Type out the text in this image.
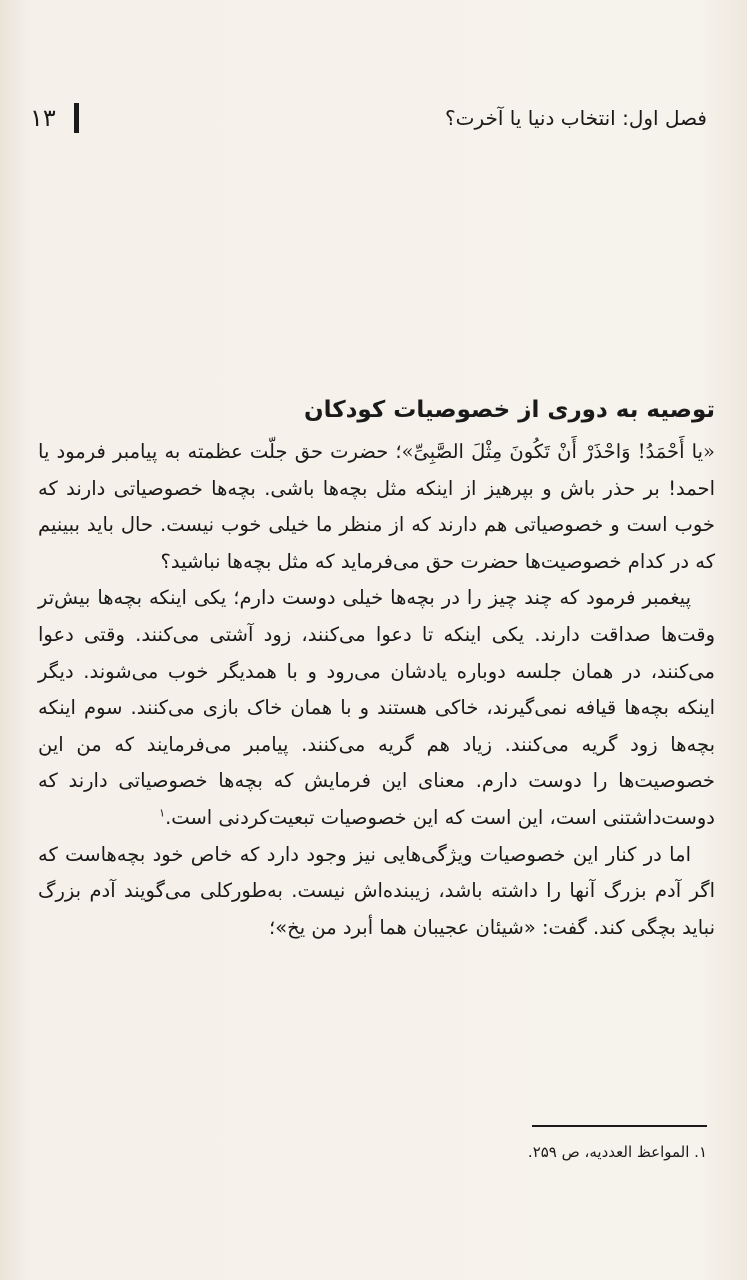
فصل اول: انتخاب دنیا یا آخرت؟
۱۳
توصیه به دوری از خصوصیات کودکان

«یا أَحْمَدُ! وَاحْذَرْ أَنْ تَکُونَ مِثْلَ الصَّبِیِّ»؛ حضرت حق جلّت عظمته به پیامبر فرمود یا احمد! بر حذر باش و بپرهیز از اینکه مثل بچه‌ها باشی. بچه‌ها خصوصیاتی دارند که خوب است و خصوصیاتی هم دارند که از منظر ما خیلی خوب نیست. حال باید ببینیم که در کدام خصوصیت‌ها حضرت حق می‌فرماید که مثل بچه‌ها نباشید؟

پیغمبر فرمود که چند چیز را در بچه‌ها خیلی دوست دارم؛ یکی اینکه بچه‌ها بیش‌تر وقت‌ها صداقت دارند. یکی اینکه تا دعوا می‌کنند، زود آشتی می‌کنند. وقتی دعوا می‌کنند، در همان جلسه دوباره یادشان می‌رود و با همدیگر خوب می‌شوند. دیگر اینکه بچه‌ها قیافه نمی‌گیرند، خاکی هستند و با همان خاک بازی می‌کنند. سوم اینکه بچه‌ها زود گریه می‌کنند. زیاد هم گریه می‌کنند. پیامبر می‌فرمایند که من این خصوصیت‌ها را دوست دارم. معنای این فرمایش که بچه‌ها خصوصیاتی دارند که دوست‌داشتنی است، این است که این خصوصیات تبعیت‌کردنی است.$^۱$

اما در کنار این خصوصیات ویژگی‌هایی نیز وجود دارد که خاص خود بچه‌هاست که اگر آدم بزرگ آنها را داشته باشد، زیبنده‌اش نیست. به‌طورکلی می‌گویند آدم بزرگ نباید بچگی کند. گفت: «شیئان عجیبان هما أبرد من یخ»؛

۱. المواعظ العددیه، ص ۲۵۹.
